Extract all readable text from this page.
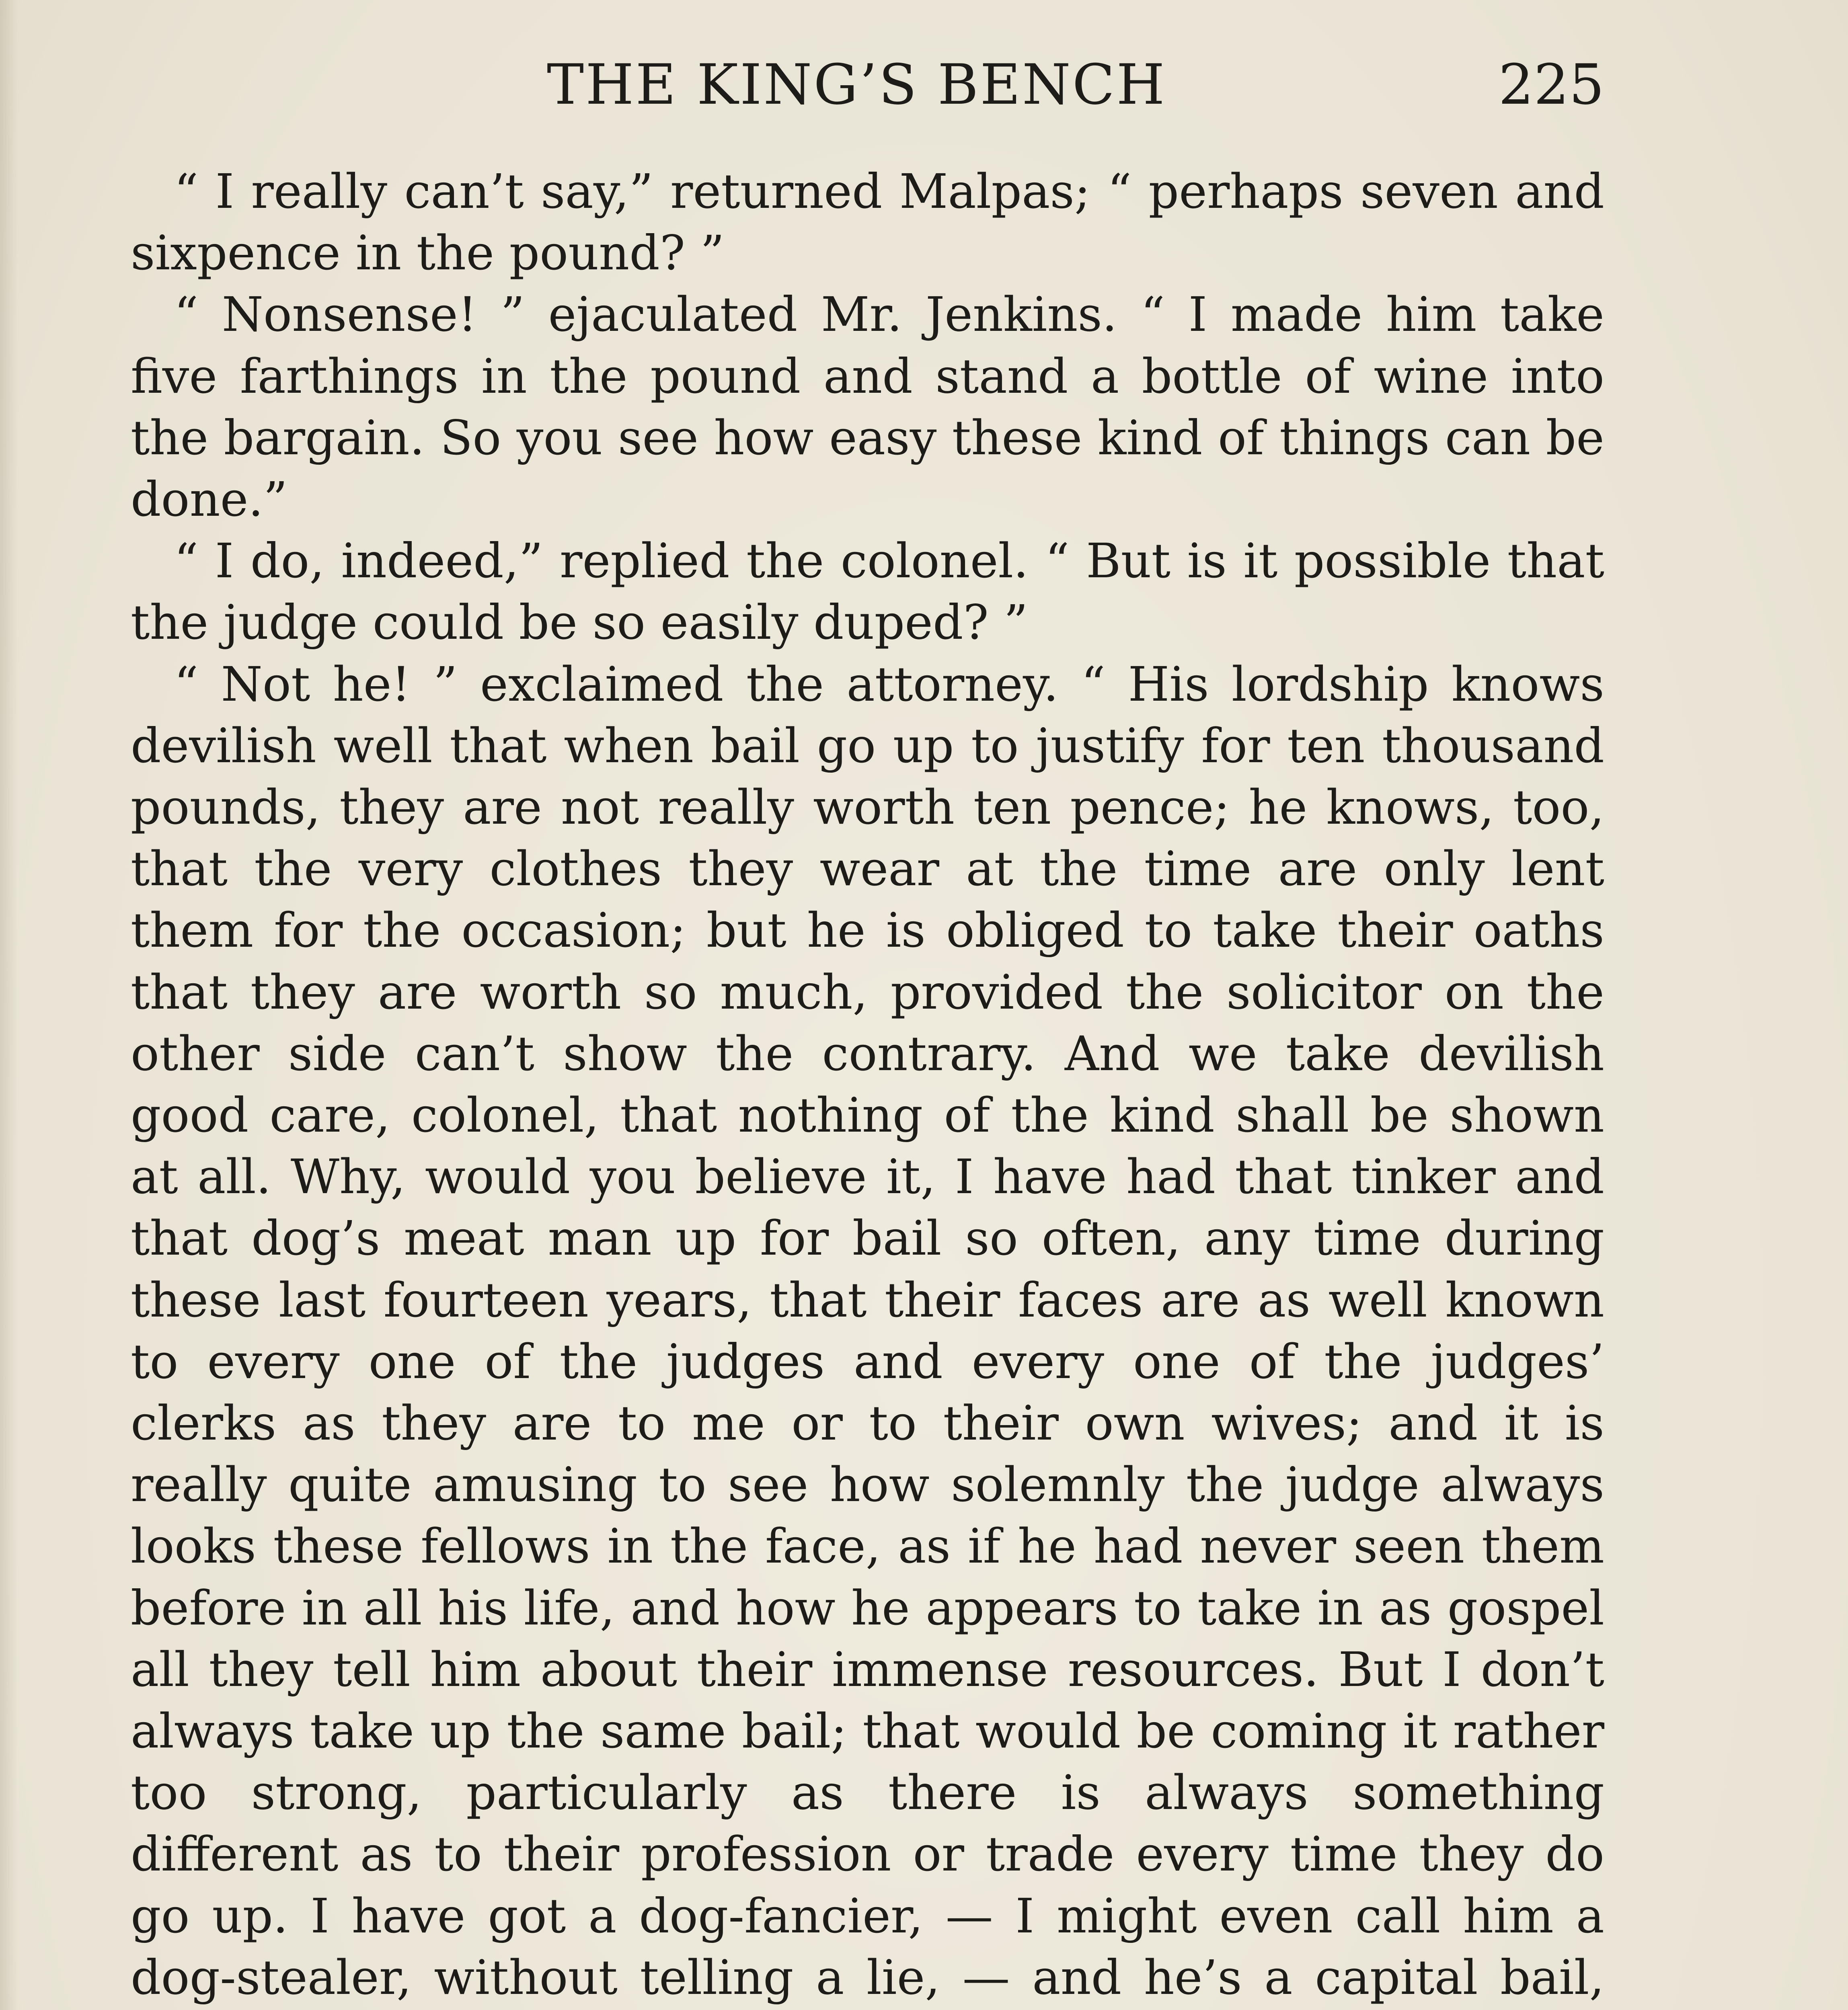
THE KING’S BENCH	225

“ I really can’t say,” returned Malpas; “ perhaps seven and sixpence in the pound? ”

“ Nonsense! ” ejaculated Mr. Jenkins. “ I made him take five farthings in the pound and stand a bottle of wine into the bargain. So you see how easy these kind of things can be done.”

“ I do, indeed,” replied the colonel. “ But is it possible that the judge could be so easily duped? ”

“ Not he! ” exclaimed the attorney. “ His lordship knows devilish well that when bail go up to justify for ten thousand pounds, they are not really worth ten pence; he knows, too, that the very clothes they wear at the time are only lent them for the occasion; but he is obliged to take their oaths that they are worth so much, provided the solicitor on the other side can’t show the contrary. And we take devilish good care, colonel, that nothing of the kind shall be shown at all. Why, would you believe it, I have had that tinker and that dog’s meat man up for bail so often, any time during these last fourteen years, that their faces are as well known to every one of the judges and every one of the judges’ clerks as they are to me or to their own wives; and it is really quite amusing to see how solemnly the judge always looks these fellows in the face, as if he had never seen them before in all his life, and how he appears to take in as gospel all they tell him about their immense resources. But I don’t always take up the same bail; that would be coming it rather too strong, particularly as there is always something different as to their profession or trade every time they do go up. I have got a dog-fancier, — I might even call him a dog-stealer, without telling a lie, — and he’s a capital bail,
